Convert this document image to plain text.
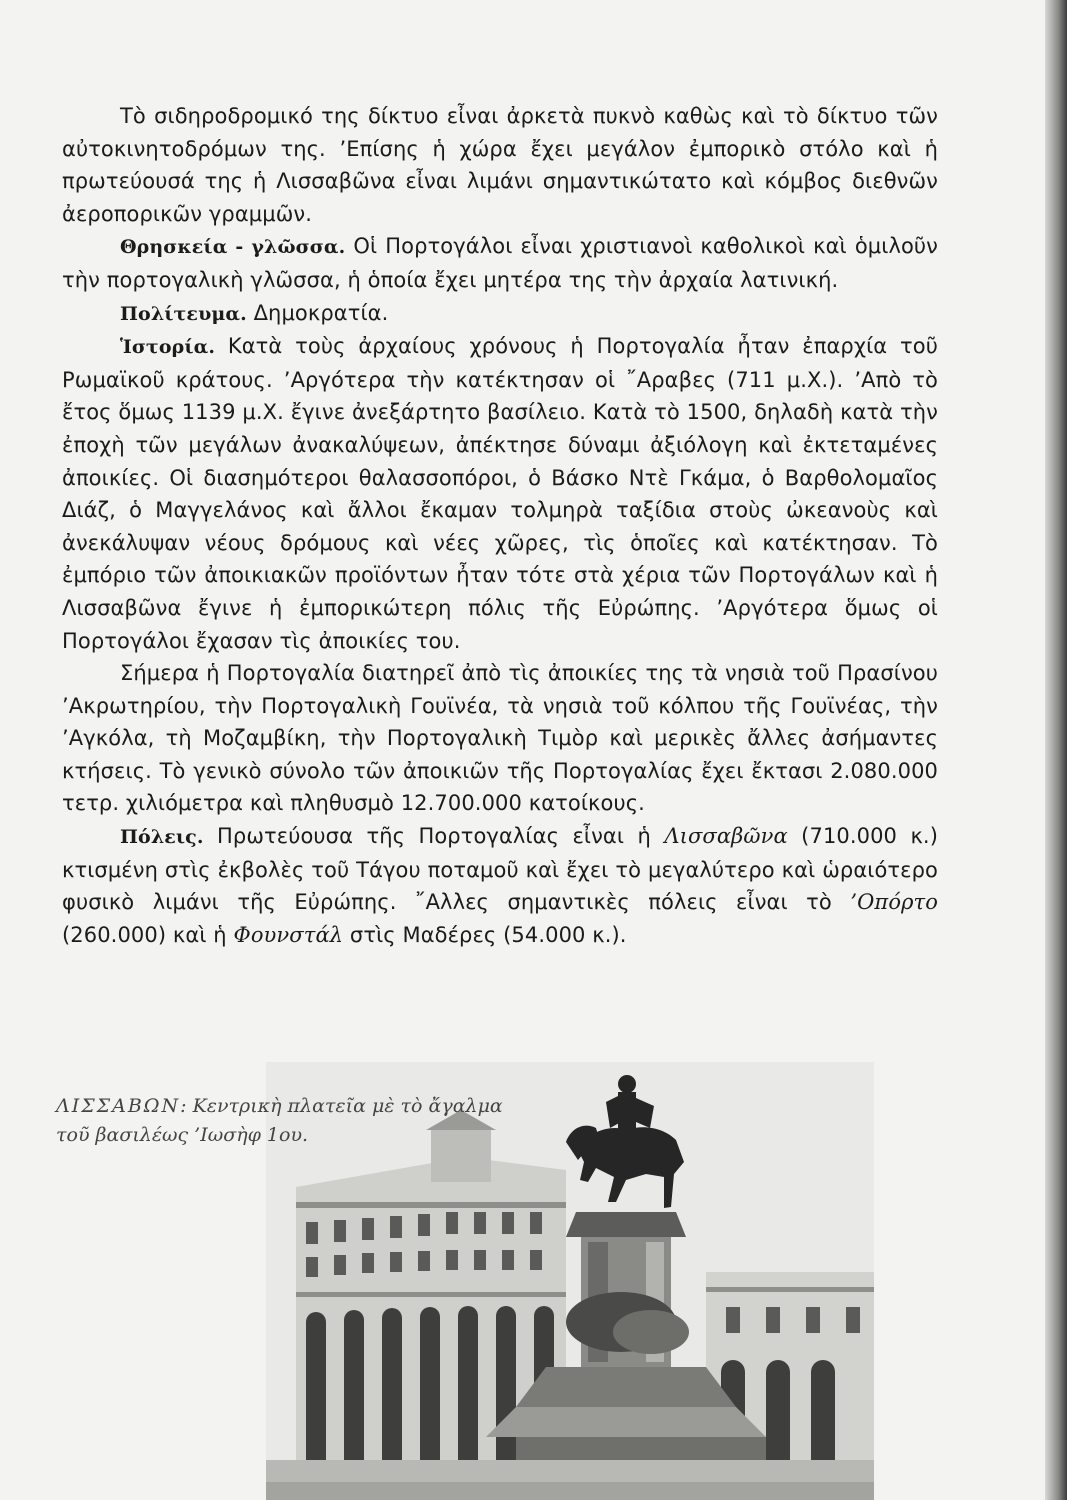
Τὸ σιδηροδρομικό της δίκτυο εἶναι ἀρκετὰ πυκνὸ καθὼς καὶ τὸ δίκτυο τῶν αὐτοκινητοδρόμων της. ’Επίσης ἡ χώρα ἔχει μεγάλον ἐμπορικὸ στόλο καὶ ἡ πρωτεύουσά της ἡ Λισσαβῶνα εἶναι λιμάνι σημαντικώτατο καὶ κόμβος διεθνῶν ἀεροπορικῶν γραμμῶν.

Θρησκεία - γλῶσσα. Οἱ Πορτογάλοι εἶναι χριστιανοὶ καθολικοὶ καὶ ὁμιλοῦν τὴν πορτογαλικὴ γλῶσσα, ἡ ὁποία ἔχει μητέρα της τὴν ἀρχαία λατινική.

Πολίτευμα. Δημοκρατία.

Ἱστορία. Κατὰ τοὺς ἀρχαίους χρόνους ἡ Πορτογαλία ἦταν ἐπαρχία τοῦ Ρωμαϊκοῦ κράτους. ’Αργότερα τὴν κατέκτησαν οἱ ῎Αραβες (711 μ.Χ.). ’Απὸ τὸ ἔτος ὅμως 1139 μ.Χ. ἔγινε ἀνεξάρτητο βασίλειο. Κατὰ τὸ 1500, δηλαδὴ κατὰ τὴν ἐποχὴ τῶν μεγάλων ἀνακαλύψεων, ἀπέκτησε δύναμι ἀξιόλογη καὶ ἐκτεταμένες ἀποικίες. Οἱ διασημότεροι θαλασσοπόροι, ὁ Βάσκο Ντὲ Γκάμα, ὁ Βαρθολομαῖος Διάζ, ὁ Μαγγελάνος καὶ ἄλλοι ἔκαμαν τολμηρὰ ταξίδια στοὺς ὠκεανοὺς καὶ ἀνεκάλυψαν νέους δρόμους καὶ νέες χῶρες, τὶς ὁποῖες καὶ κατέκτησαν. Τὸ ἐμπόριο τῶν ἀποικιακῶν προϊόντων ἦταν τότε στὰ χέρια τῶν Πορτογάλων καὶ ἡ Λισσαβῶνα ἔγινε ἡ ἐμπορικώτερη πόλις τῆς Εὐρώπης. ’Αργότερα ὅμως οἱ Πορτογάλοι ἔχασαν τὶς ἀποικίες του.

Σήμερα ἡ Πορτογαλία διατηρεῖ ἀπὸ τὶς ἀποικίες της τὰ νησιὰ τοῦ Πρασίνου ’Ακρωτηρίου, τὴν Πορτογαλικὴ Γουϊνέα, τὰ νησιὰ τοῦ κόλπου τῆς Γουϊνέας, τὴν ’Αγκόλα, τὴ Μοζαμβίκη, τὴν Πορτογαλικὴ Τιμὸρ καὶ μερικὲς ἄλλες ἀσήμαντες κτήσεις. Τὸ γενικὸ σύνολο τῶν ἀποικιῶν τῆς Πορτογαλίας ἔχει ἔκτασι 2.080.000 τετρ. χιλιόμετρα καὶ πληθυσμὸ 12.700.000 κατοίκους.

Πόλεις. Πρωτεύουσα τῆς Πορτογαλίας εἶναι ἡ Λισσαβῶνα (710.000 κ.) κτισμένη στὶς ἐκβολὲς τοῦ Τάγου ποταμοῦ καὶ ἔχει τὸ μεγαλύτερο καὶ ὡραιότερο φυσικὸ λιμάνι τῆς Εὐρώπης. ῎Αλλες σημαντικὲς πόλεις εἶναι τὸ ’Οπόρτο (260.000) καὶ ἡ Φουνστάλ στὶς Μαδέρες (54.000 κ.).

ΛΙΣΣΑΒΩΝ: Κεντρικὴ πλατεῖα μὲ τὸ ἄγαλμα τοῦ βασιλέως ’Ιωσὴφ 1ου.
